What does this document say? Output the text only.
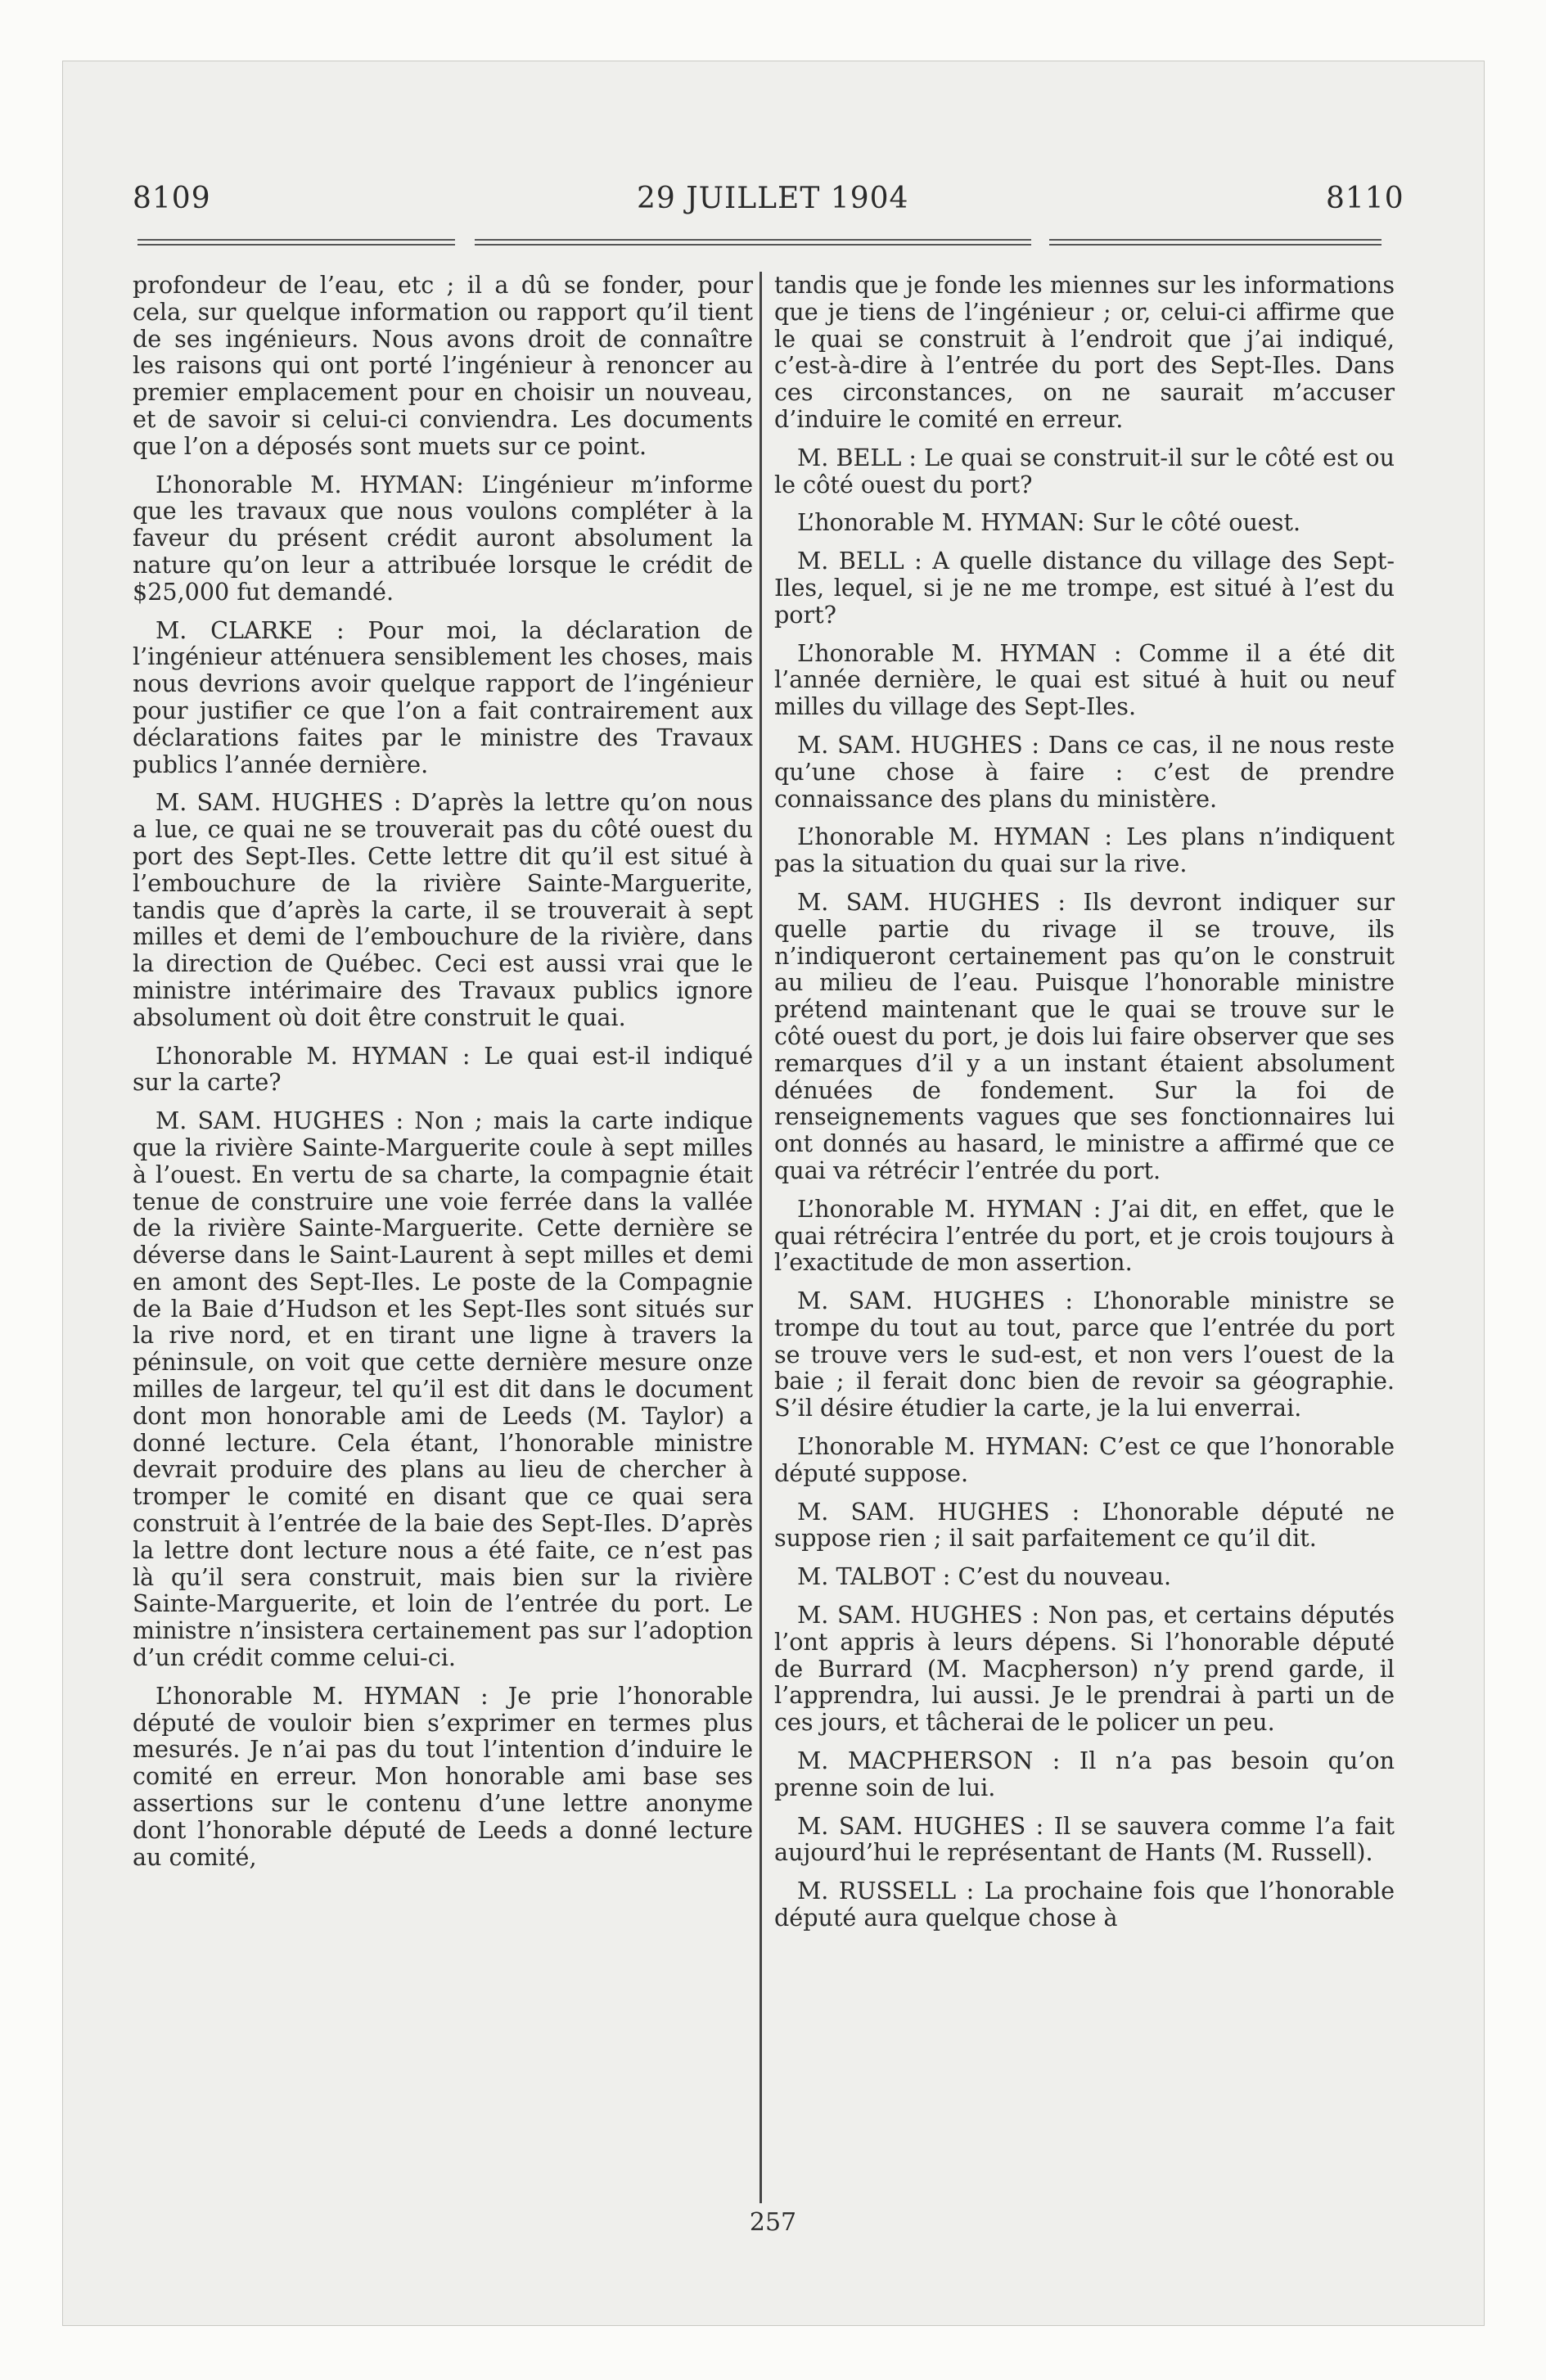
8109	29 JUILLET 1904	8110

profondeur de l’eau, etc ; il a dû se fonder, pour cela, sur quelque information ou rapport qu’il tient de ses ingénieurs. Nous avons droit de connaître les raisons qui ont porté l’ingénieur à renoncer au premier emplacement pour en choisir un nouveau, et de savoir si celui-ci conviendra. Les documents que l’on a déposés sont muets sur ce point.

L’honorable M. HYMAN: L’ingénieur m’informe que les travaux que nous voulons compléter à la faveur du présent crédit auront absolument la nature qu’on leur a attribuée lorsque le crédit de $25,000 fut demandé.

M. CLARKE : Pour moi, la déclaration de l’ingénieur atténuera sensiblement les choses, mais nous devrions avoir quelque rapport de l’ingénieur pour justifier ce que l’on a fait contrairement aux déclarations faites par le ministre des Travaux publics l’année dernière.

M. SAM. HUGHES : D’après la lettre qu’on nous a lue, ce quai ne se trouverait pas du côté ouest du port des Sept-Iles. Cette lettre dit qu’il est situé à l’embouchure de la rivière Sainte-Marguerite, tandis que d’après la carte, il se trouverait à sept milles et demi de l’embouchure de la rivière, dans la direction de Québec. Ceci est aussi vrai que le ministre intérimaire des Travaux publics ignore absolument où doit être construit le quai.

L’honorable M. HYMAN : Le quai est-il indiqué sur la carte?

M. SAM. HUGHES : Non ; mais la carte indique que la rivière Sainte-Marguerite coule à sept milles à l’ouest. En vertu de sa charte, la compagnie était tenue de construire une voie ferrée dans la vallée de la rivière Sainte-Marguerite. Cette dernière se déverse dans le Saint-Laurent à sept milles et demi en amont des Sept-Iles. Le poste de la Compagnie de la Baie d’Hudson et les Sept-Iles sont situés sur la rive nord, et en tirant une ligne à travers la péninsule, on voit que cette dernière mesure onze milles de largeur, tel qu’il est dit dans le document dont mon honorable ami de Leeds (M. Taylor) a donné lecture. Cela étant, l’honorable ministre devrait produire des plans au lieu de chercher à tromper le comité en disant que ce quai sera construit à l’entrée de la baie des Sept-Iles. D’après la lettre dont lecture nous a été faite, ce n’est pas là qu’il sera construit, mais bien sur la rivière Sainte-Marguerite, et loin de l’entrée du port. Le ministre n’insistera certainement pas sur l’adoption d’un crédit comme celui-ci.

L’honorable M. HYMAN : Je prie l’honorable député de vouloir bien s’exprimer en termes plus mesurés. Je n’ai pas du tout l’intention d’induire le comité en erreur. Mon honorable ami base ses assertions sur le contenu d’une lettre anonyme dont l’honorable député de Leeds a donné lecture au comité,

tandis que je fonde les miennes sur les informations que je tiens de l’ingénieur ; or, celui-ci affirme que le quai se construit à l’endroit que j’ai indiqué, c’est-à-dire à l’entrée du port des Sept-Iles. Dans ces circonstances, on ne saurait m’accuser d’induire le comité en erreur.

M. BELL : Le quai se construit-il sur le côté est ou le côté ouest du port?

L’honorable M. HYMAN: Sur le côté ouest.

M. BELL : A quelle distance du village des Sept-Iles, lequel, si je ne me trompe, est situé à l’est du port?

L’honorable M. HYMAN : Comme il a été dit l’année dernière, le quai est situé à huit ou neuf milles du village des Sept-Iles.

M. SAM. HUGHES : Dans ce cas, il ne nous reste qu’une chose à faire : c’est de prendre connaissance des plans du ministère.

L’honorable M. HYMAN : Les plans n’indiquent pas la situation du quai sur la rive.

M. SAM. HUGHES : Ils devront indiquer sur quelle partie du rivage il se trouve, ils n’indiqueront certainement pas qu’on le construit au milieu de l’eau. Puisque l’honorable ministre prétend maintenant que le quai se trouve sur le côté ouest du port, je dois lui faire observer que ses remarques d’il y a un instant étaient absolument dénuées de fondement. Sur la foi de renseignements vagues que ses fonctionnaires lui ont donnés au hasard, le ministre a affirmé que ce quai va rétrécir l’entrée du port.

L’honorable M. HYMAN : J’ai dit, en effet, que le quai rétrécira l’entrée du port, et je crois toujours à l’exactitude de mon assertion.

M. SAM. HUGHES : L’honorable ministre se trompe du tout au tout, parce que l’entrée du port se trouve vers le sud-est, et non vers l’ouest de la baie ; il ferait donc bien de revoir sa géographie. S’il désire étudier la carte, je la lui enverrai.

L’honorable M. HYMAN: C’est ce que l’honorable député suppose.

M. SAM. HUGHES : L’honorable député ne suppose rien ; il sait parfaitement ce qu’il dit.

M. TALBOT : C’est du nouveau.

M. SAM. HUGHES : Non pas, et certains députés l’ont appris à leurs dépens. Si l’honorable député de Burrard (M. Macpherson) n’y prend garde, il l’apprendra, lui aussi. Je le prendrai à parti un de ces jours, et tâcherai de le policer un peu.

M. MACPHERSON : Il n’a pas besoin qu’on prenne soin de lui.

M. SAM. HUGHES : Il se sauvera comme l’a fait aujourd’hui le représentant de Hants (M. Russell).

M. RUSSELL : La prochaine fois que l’honorable député aura quelque chose à

257
